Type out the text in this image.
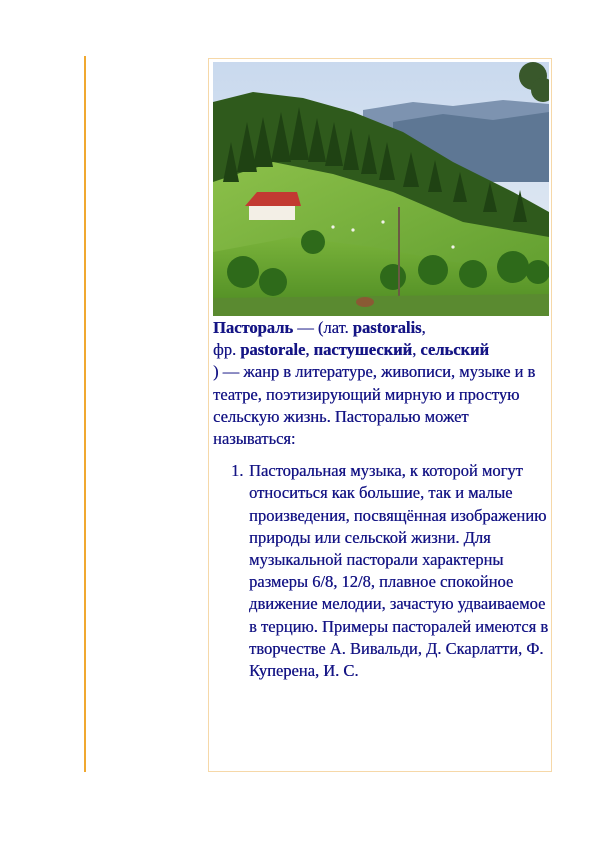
Пастораль — (лат. pastoralis,
фр. pastorale, пастушеский, сельский
) — жанр в литературе, живописи, музыке и в театре, поэтизирующий мирную и простую сельскую жизнь. Пасторалью может называться:

1. Пасторальная музыка, к которой могут относиться как большие, так и малые произведения, посвящённая изображению природы или сельской жизни. Для музыкальной пасторали характерны размеры 6/8, 12/8, плавное спокойное движение мелодии, зачастую удваиваемое в терцию. Примеры пасторалей имеются в творчестве А. Вивальди, Д. Скарлатти, Ф. Куперена, И. С.
